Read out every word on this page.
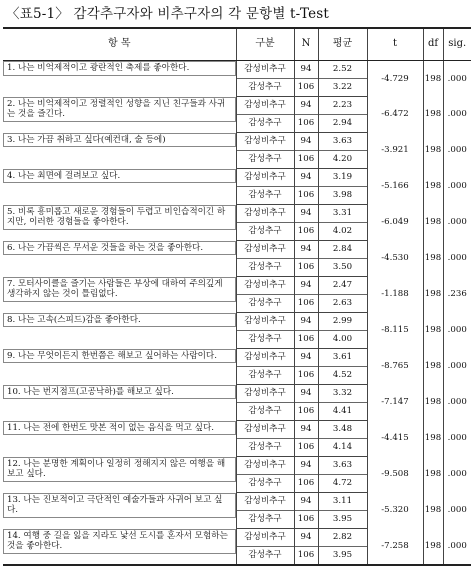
〈표5-1〉 감각추구자와 비추구자의 각 문항별 t-Test
항 목	구분	N	평균	t	df	sig.

1. 나는 비억제적이고 광란적인 축제를 좋아한다.	감성비추구	94	2.52	-4.729	198	.000
	감성추구	106	3.22			

2. 나는 비억제적이고 정렬적인 성향을 지닌 친구들과 사귀는 것을 즐긴다.	감성비추구	94	2.23	-6.472	198	.000
	감성추구	106	2.94			

3. 나는 가끔 취하고 싶다(예컨대, 술 등에)	감성비추구	94	3.63	-3.921	198	.000
	감성추구	106	4.20			

4. 나는 최면에 걸려보고 싶다.	감성비추구	94	3.19	-5.166	198	.000
	감성추구	106	3.98			

5. 비록 흥미롭고 새로운 경험들이 두렵고 비인습적이긴 하지만, 이러한 경험들을 좋아한다.	감성비추구	94	3.31	-6.049	198	.000
	감성추구	106	4.02			

6. 나는 가끔씩은 무서운 것들을 하는 것을 좋아한다.	감성비추구	94	2.84	-4.530	198	.000
	감성추구	106	3.50			

7. 모터사이클을 즐기는 사람들은 부상에 대하여 주의깊게 생각하지 않는 것이 틀림없다.	감성비추구	94	2.47	-1.188	198	.236
	감성추구	106	2.63			

8. 나는 고속(스피드)감을 좋아한다.	감성비추구	94	2.99	-8.115	198	.000
	감성추구	106	4.00			

9. 나는 무엇이든지 한번쯤은 해보고 싶어하는 사람이다.	감성비추구	94	3.61	-8.765	198	.000
	감성추구	106	4.52			

10. 나는 번지점프(고공낙하)를 해보고 싶다.	감성비추구	94	3.32	-7.147	198	.000
	감성추구	106	4.41			

11. 나는 전에 한번도 맛본 적이 없는 음식을 먹고 싶다.	감성비추구	94	3.48	-4.415	198	.000
	감성추구	106	4.14			

12. 나는 분명한 계획이나 일정히 정해지지 않은 여행을 해보고 싶다.	감성비추구	94	3.63	-9.508	198	.000
	감성추구	106	4.72			

13. 나는 진보적이고 극단적인 예술가들과 사귀어 보고 싶다.	감성비추구	94	3.11	-5.320	198	.000
	감성추구	106	3.95			

14. 여행 중 길을 잃을 지라도 낯선 도시를 혼자서 모험하는 것을 좋아한다.	감성비추구	94	2.82	-7.258	198	.000
	감성추구	106	3.95			
